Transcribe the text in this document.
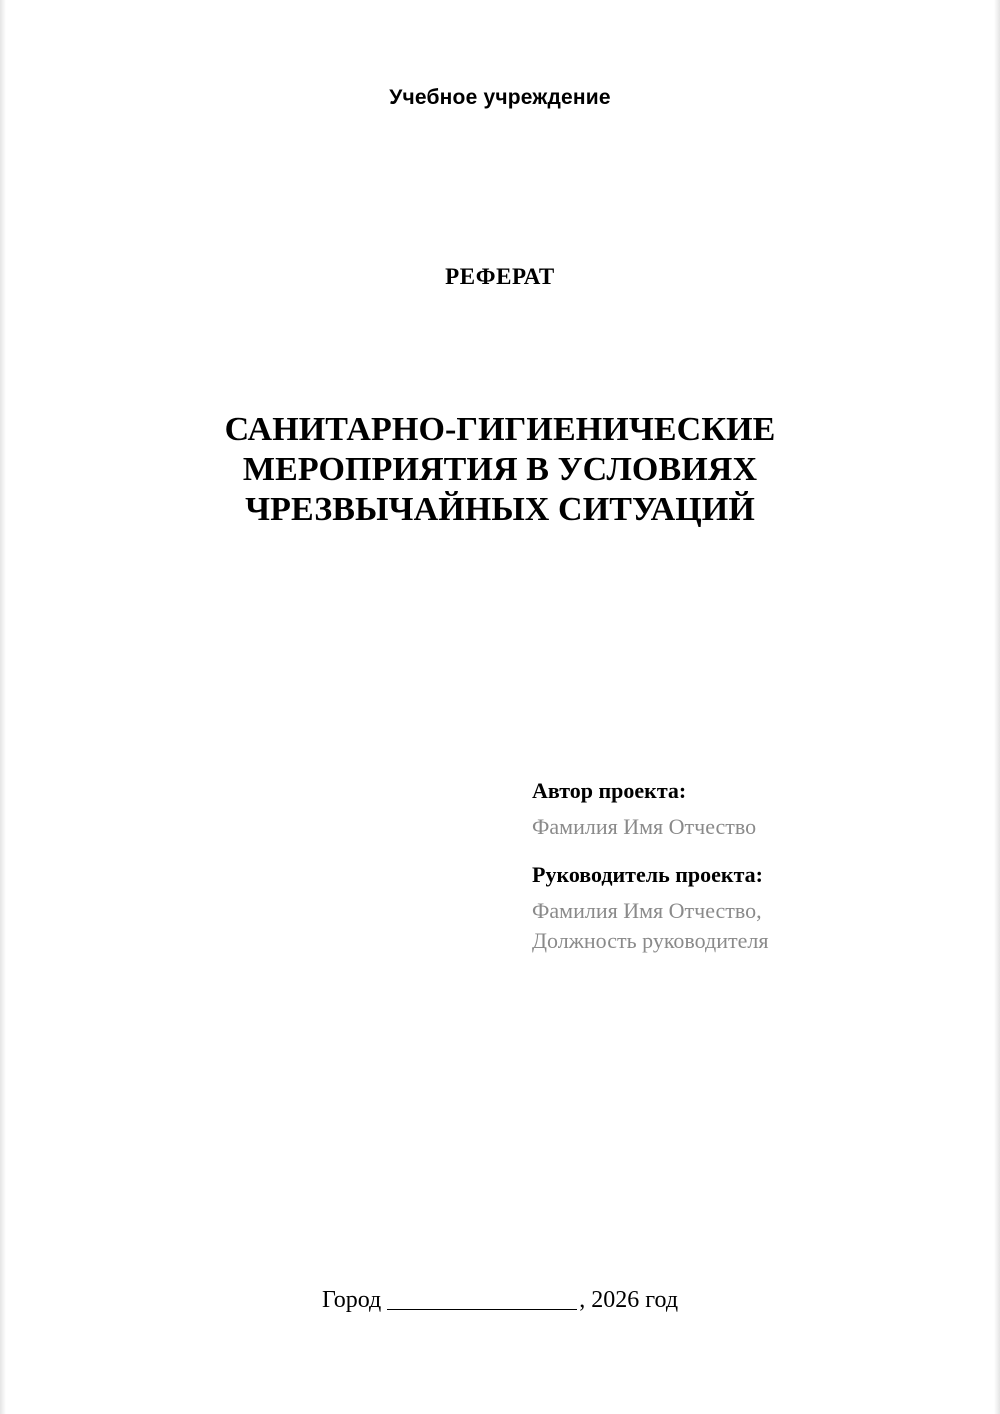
Учебное учреждение
РЕФЕРАТ
САНИТАРНО-ГИГИЕНИЧЕСКИЕ МЕРОПРИЯТИЯ В УСЛОВИЯХ ЧРЕЗВЫЧАЙНЫХ СИТУАЦИЙ
Автор проекта:
Фамилия Имя Отчество
Руководитель проекта:
Фамилия Имя Отчество,
Должность руководителя
Город	, 2026 год
